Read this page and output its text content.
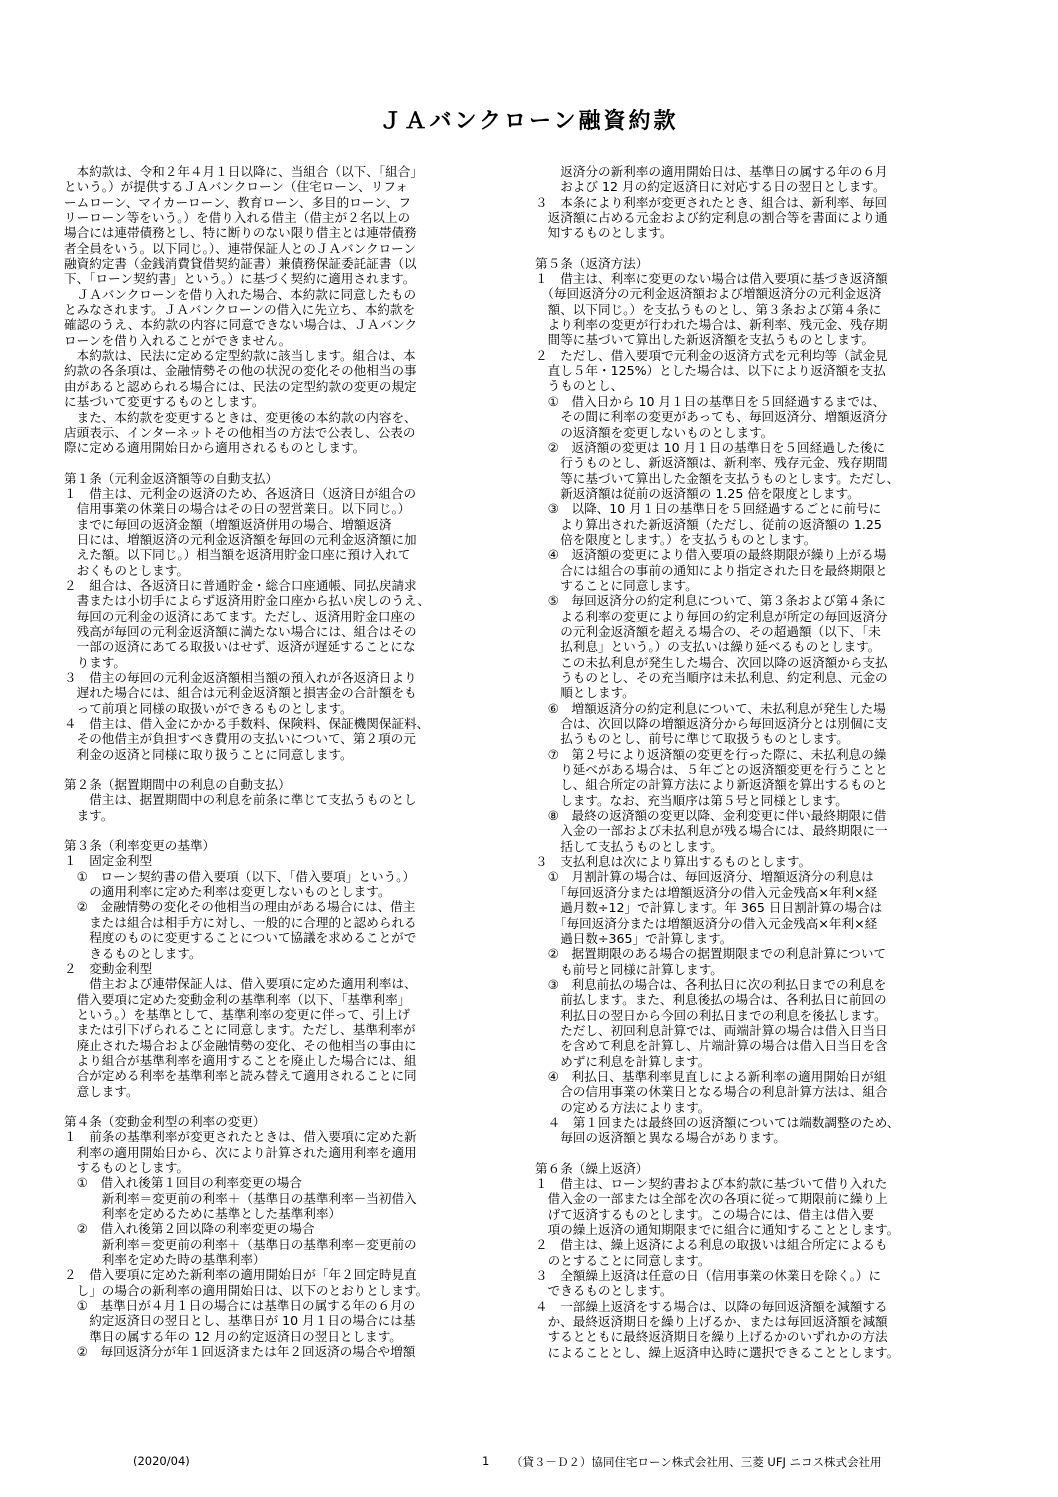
ＪＡバンクローン融資約款
　本約款は、令和２年４月１日以降に、当組合（以下、「組合」
という。）が提供するＪＡバンクローン（住宅ローン、リフォ
ームローン、マイカーローン、教育ローン、多目的ローン、フ
リーローン等をいう。）を借り入れる借主（借主が２名以上の
場合には連帯債務とし、特に断りのない限り借主とは連帯債務
者全員をいう。以下同じ。）、連帯保証人とのＪＡバンクローン
融資約定書（金銭消費貸借契約証書）兼債務保証委託証書（以
下、「ローン契約書」という。）に基づく契約に適用されます。
　ＪＡバンクローンを借り入れた場合、本約款に同意したもの
とみなされます。ＪＡバンクローンの借入に先立ち、本約款を
確認のうえ、本約款の内容に同意できない場合は、ＪＡバンク
ローンを借り入れることができません。
　本約款は、民法に定める定型約款に該当します。組合は、本
約款の各条項は、金融情勢その他の状況の変化その他相当の事
由があると認められる場合には、民法の定型約款の変更の規定
に基づいて変更するものとします。
　また、本約款を変更するときは、変更後の本約款の内容を、
店頭表示、インターネットその他相当の方法で公表し、公表の
際に定める適用開始日から適用されるものとします。
第１条（元利金返済額等の自動支払）
１　借主は、元利金の返済のため、各返済日（返済日が組合の
　信用事業の休業日の場合はその日の翌営業日。以下同じ。）
　までに毎回の返済金額（増額返済併用の場合、増額返済
　日には、増額返済の元利金返済額を毎回の元利金返済額に加
　えた額。以下同じ。）相当額を返済用貯金口座に預け入れて
　おくものとします。
２　組合は、各返済日に普通貯金・総合口座通帳、同払戻請求
　書または小切手によらず返済用貯金口座から払い戻しのうえ、
　毎回の元利金の返済にあてます。ただし、返済用貯金口座の
　残高が毎回の元利金返済額に満たない場合には、組合はその
　一部の返済にあてる取扱いはせず、返済が遅延することにな
　ります。
３　借主の毎回の元利金返済額相当額の預入れが各返済日より
　遅れた場合には、組合は元利金返済額と損害金の合計額をも
　って前項と同様の取扱いができるものとします。
４　借主は、借入金にかかる手数料、保険料、保証機関保証料、
　その他借主が負担すべき費用の支払いについて、第２項の元
　利金の返済と同様に取り扱うことに同意します。
第２条（据置期間中の利息の自動支払）
　　借主は、据置期間中の利息を前条に準じて支払うものとし
　ます。
第３条（利率変更の基準）
１　固定金利型
　①　ローン契約書の借入要項（以下、「借入要項」という。）
　　の適用利率に定めた利率は変更しないものとします。
　②　金融情勢の変化その他相当の理由がある場合には、借主
　　または組合は相手方に対し、一般的に合理的と認められる
　　程度のものに変更することについて協議を求めることがで
　　きるものとします。
２　変動金利型
　　借主および連帯保証人は、借入要項に定めた適用利率は、
　借入要項に定めた変動金利の基準利率（以下、「基準利率」
　という。）を基準として、基準利率の変更に伴って、引上げ
　または引下げられることに同意します。ただし、基準利率が
　廃止された場合および金融情勢の変化、その他相当の事由に
　より組合が基準利率を適用することを廃止した場合には、組
　合が定める利率を基準利率と読み替えて適用されることに同
　意します。
第４条（変動金利型の利率の変更）
１　前条の基準利率が変更されたときは、借入要項に定めた新
　利率の適用開始日から、次により計算された適用利率を適用
　するものとします。
　①　借入れ後第１回目の利率変更の場合
　　　新利率＝変更前の利率＋（基準日の基準利率－当初借入
　　　利率を定めるために基準とした基準利率）
　②　借入れ後第２回以降の利率変更の場合
　　　新利率＝変更前の利率＋（基準日の基準利率－変更前の
　　　利率を定めた時の基準利率）
２　借入要項に定めた新利率の適用開始日が「年２回定時見直
　し」の場合の新利率の適用開始日は、以下のとおりとします。
　①　基準日が４月１日の場合には基準日の属する年の６月の
　　約定返済日の翌日とし、基準日が 10 月１日の場合には基
　　準日の属する年の 12 月の約定返済日の翌日とします。
　②　毎回返済分が年１回返済または年２回返済の場合や増額
　　返済分の新利率の適用開始日は、基準日の属する年の６月
　　および 12 月の約定返済日に対応する日の翌日とします。
３　本条により利率が変更されたとき、組合は、新利率、毎回
　返済額に占める元金および約定利息の割合等を書面により通
　知するものとします。
第５条（返済方法）
１　借主は、利率に変更のない場合は借入要項に基づき返済額
　（毎回返済分の元利金返済額および増額返済分の元利金返済
　額、以下同じ。）を支払うものとし、第３条および第４条に
　より利率の変更が行われた場合は、新利率、残元金、残存期
　間等に基づいて算出した新返済額を支払うものとします。
２　ただし、借入要項で元利金の返済方式を元利均等（試金見
　直し５年・125%）とした場合は、以下により返済額を支払
　うものとし、
　①　借入日から 10 月１日の基準日を５回経過するまでは、
　　その間に利率の変更があっても、毎回返済分、増額返済分
　　の返済額を変更しないものとします。
　②　返済額の変更は 10 月１日の基準日を５回経過した後に
　　行うものとし、新返済額は、新利率、残存元金、残存期間
　　等に基づいて算出した金額を支払うものとします。ただし、
　　新返済額は従前の返済額の 1.25 倍を限度とします。
　③　以降、10 月１日の基準日を５回経過するごとに前号に
　　より算出された新返済額（ただし、従前の返済額の 1.25
　　倍を限度とします。）を支払うものとします。
　④　返済額の変更により借入要項の最終期限が繰り上がる場
　　合には組合の事前の通知により指定された日を最終期限と
　　することに同意します。
　⑤　毎回返済分の約定利息について、第３条および第４条に
　　よる利率の変更により毎回の約定利息が所定の毎回返済分
　　の元利金返済額を超える場合の、その超過額（以下、「未
　　払利息」という。）の支払いは繰り延べるものとします。
　　この未払利息が発生した場合、次回以降の返済額から支払
　　うものとし、その充当順序は未払利息、約定利息、元金の
　　順とします。
　⑥　増額返済分の約定利息について、未払利息が発生した場
　　合は、次回以降の増額返済分から毎回返済分とは別個に支
　　払うものとし、前号に準じて取扱うものとします。
　⑦　第２号により返済額の変更を行った際に、未払利息の繰
　　り延べがある場合は、５年ごとの返済額変更を行うことと
　　し、組合所定の計算方法により新返済額を算出するものと
　　します。なお、充当順序は第５号と同様とします。
　⑧　最終の返済額の変更以降、金利変更に伴い最終期限に借
　　入金の一部および未払利息が残る場合には、最終期限に一
　　括して支払うものとします。
３　支払利息は次により算出するものとします。
　①　月割計算の場合は、毎回返済分、増額返済分の利息は
　　「毎回返済分または増額返済分の借入元金残高×年利×経
　　過月数÷12」で計算します。年 365 日日割計算の場合は
　　「毎回返済分または増額返済分の借入元金残高×年利×経
　　過日数÷365」で計算します。
　②　据置期限のある場合の据置期限までの利息計算について
　　も前号と同様に計算します。
　③　利息前払の場合は、各利払日に次の利払日までの利息を
　　前払します。また、利息後払の場合は、各利払日に前回の
　　利払日の翌日から今回の利払日までの利息を後払します。
　　ただし、初回利息計算では、両端計算の場合は借入日当日
　　を含めて利息を計算し、片端計算の場合は借入日当日を含
　　めずに利息を計算します。
　④　利払日、基準利率見直しによる新利率の適用開始日が組
　　合の信用事業の休業日となる場合の利息計算方法は、組合
　　の定める方法によります。
　４　第１回または最終回の返済額については端数調整のため、
　　毎回の返済額と異なる場合があります。
第６条（繰上返済）
１　借主は、ローン契約書および本約款に基づいて借り入れた
　借入金の一部または全部を次の各項に従って期限前に繰り上
　げて返済するものとします。この場合には、借主は借入要
　項の繰上返済の通知期限までに組合に通知することとします。
２　借主は、繰上返済による利息の取扱いは組合所定によるも
　のとすることに同意します。
３　全額繰上返済は任意の日（信用事業の休業日を除く。）に
　できるものとします。
４　一部繰上返済をする場合は、以降の毎回返済額を減額する
　か、最終返済期日を繰り上げるか、または毎回返済額を減額
　するとともに最終返済期日を繰り上げるかのいずれかの方法
　によることとし、繰上返済申込時に選択できることとします。
(2020/04)	1 （貸３－Ｄ２）協同住宅ローン株式会社用、三菱 UFJ ニコス株式会社用
